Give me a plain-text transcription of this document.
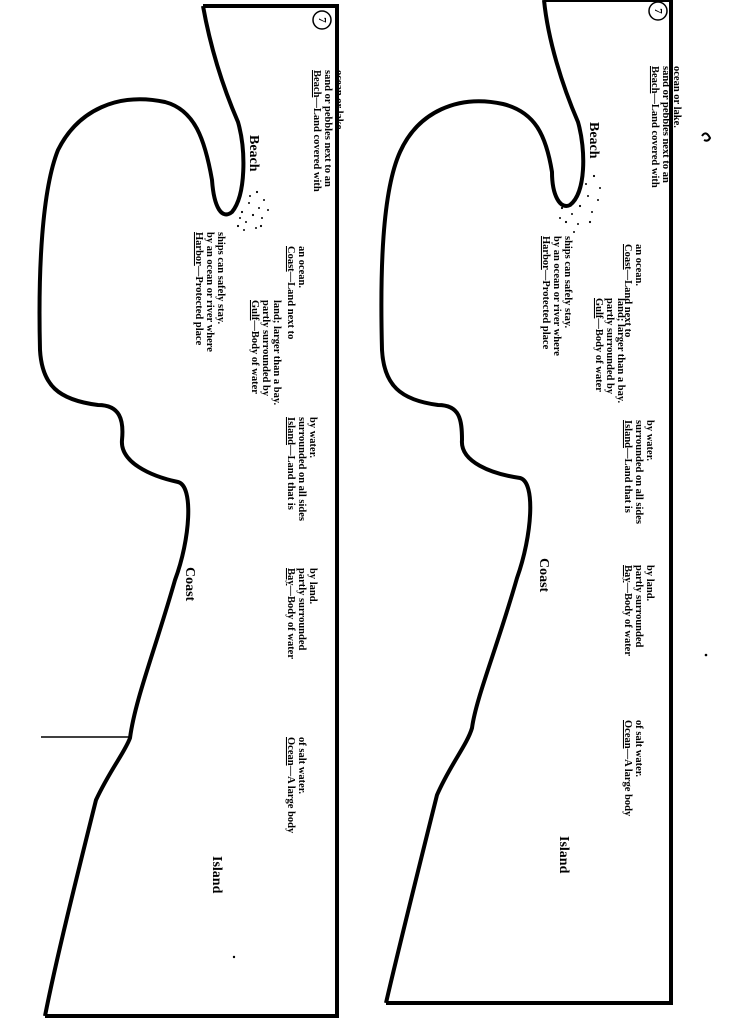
7
Beach
Coast
Island
Ocean—A large body of salt water.
Bay—Body of water partly surrounded by land.
Island—Land that is surrounded on all sides by water.
Gulf—Body of water partly surrounded by land; larger than a bay.
Harbor—Protected place by an ocean or river where ships can safely stay.	Coast—Land next to an ocean.
Beach—Land covered with sand or pebbles next to an ocean or lake.
7
Beach
Coast
Island
Ocean—A large body of salt water.
Bay—Body of water partly surrounded by land.
Island—Land that is surrounded on all sides by water.
Gulf—Body of water partly surrounded by land; larger than a bay.
Harbor—Protected place by an ocean or river where ships can safely stay.	Coast—Land next to an ocean.
Beach—Land covered with sand or pebbles next to an ocean or lake.
